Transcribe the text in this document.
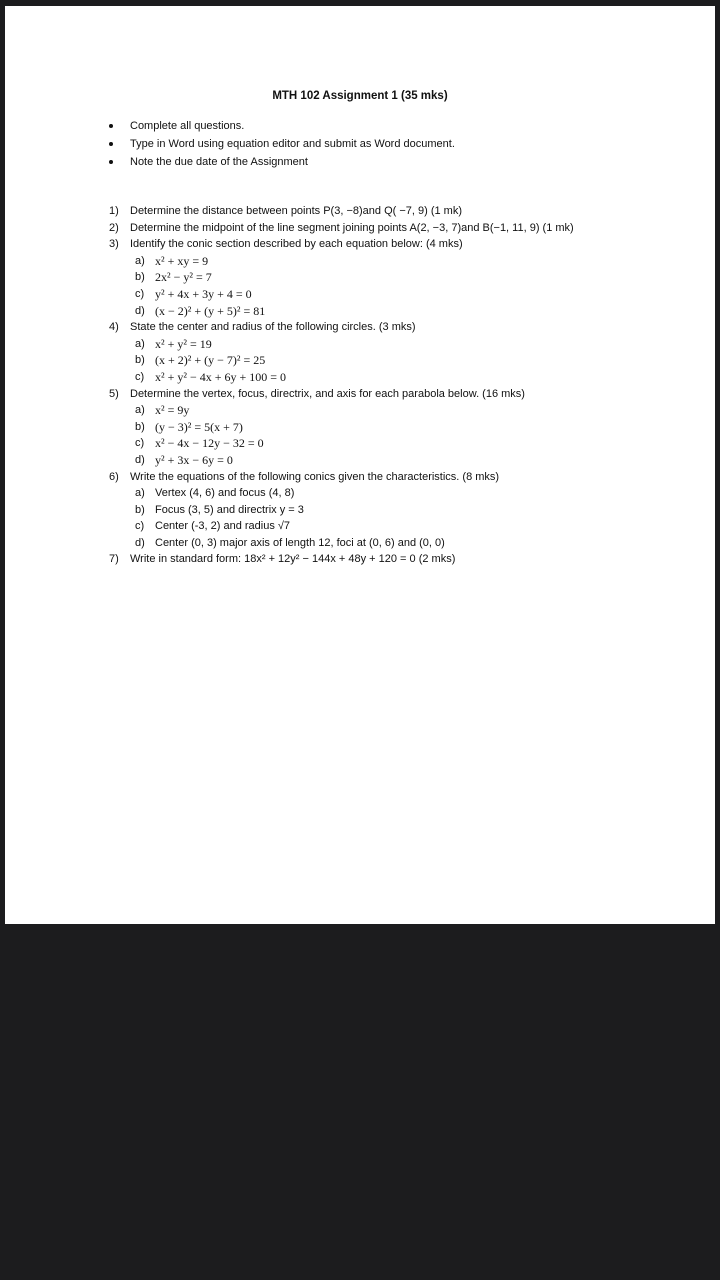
MTH 102 Assignment 1 (35 mks)
Complete all questions.
Type in Word using equation editor and submit as Word document.
Note the due date of the Assignment
1) Determine the distance between points P(3, −8)and Q( −7, 9) (1 mk)
2) Determine the midpoint of the line segment joining points A(2, −3, 7)and B(−1, 11, 9) (1 mk)
3) Identify the conic section described by each equation below: (4 mks)
a) x² + xy = 9
b) 2x² − y² = 7
c) y² + 4x + 3y + 4 = 0
d) (x − 2)² + (y + 5)² = 81
4) State the center and radius of the following circles. (3 mks)
a) x² + y² = 19
b) (x + 2)² + (y − 7)² = 25
c) x² + y² − 4x + 6y + 100 = 0
5) Determine the vertex, focus, directrix, and axis for each parabola below. (16 mks)
a) x² = 9y
b) (y − 3)² = 5(x + 7)
c) x² − 4x − 12y − 32 = 0
d) y² + 3x − 6y = 0
6) Write the equations of the following conics given the characteristics. (8 mks)
a) Vertex (4, 6) and focus (4, 8)
b) Focus (3, 5) and directrix y = 3
c) Center (-3, 2) and radius √7
d) Center (0, 3) major axis of length 12, foci at (0, 6) and (0, 0)
7) Write in standard form: 18x² + 12y² − 144x + 48y + 120 = 0 (2 mks)
